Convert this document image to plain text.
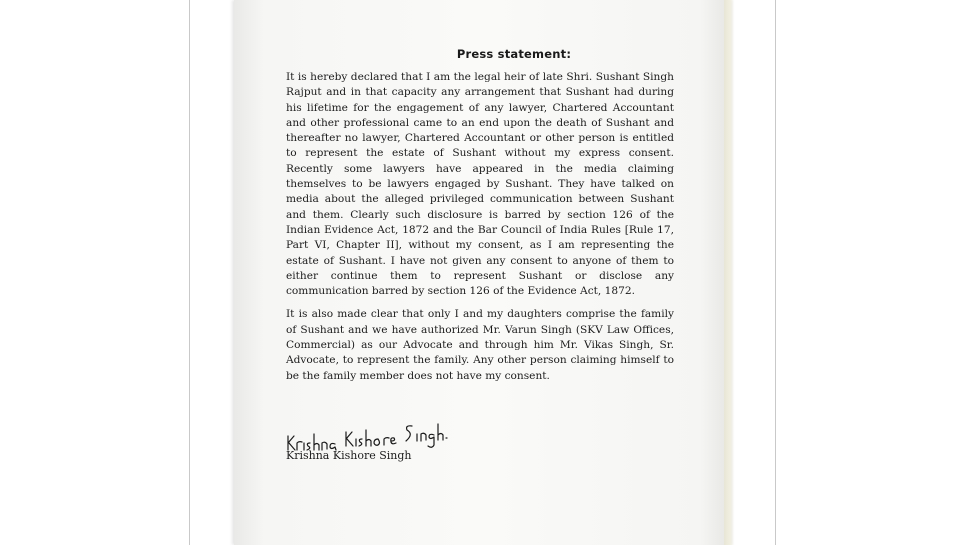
Press statement:

It is hereby declared that I am the legal heir of late Shri. Sushant Singh Rajput and in that capacity any arrangement that Sushant had during his lifetime for the engagement of any lawyer, Chartered Accountant and other professional came to an end upon the death of Sushant and thereafter no lawyer, Chartered Accountant or other person is entitled to represent the estate of Sushant without my express consent. Recently some lawyers have appeared in the media claiming themselves to be lawyers engaged by Sushant. They have talked on media about the alleged privileged communication between Sushant and them. Clearly such disclosure is barred by section 126 of the Indian Evidence Act, 1872 and the Bar Council of India Rules [Rule 17, Part VI, Chapter II], without my consent, as I am representing the estate of Sushant. I have not given any consent to anyone of them to either continue them to represent Sushant or disclose any communication barred by section 126 of the Evidence Act, 1872.

It is also made clear that only I and my daughters comprise the family of Sushant and we have authorized Mr. Varun Singh (SKV Law Offices, Commercial) as our Advocate and through him Mr. Vikas Singh, Sr. Advocate, to represent the family. Any other person claiming himself to be the family member does not have my consent.

Krishna Kishore Singh
